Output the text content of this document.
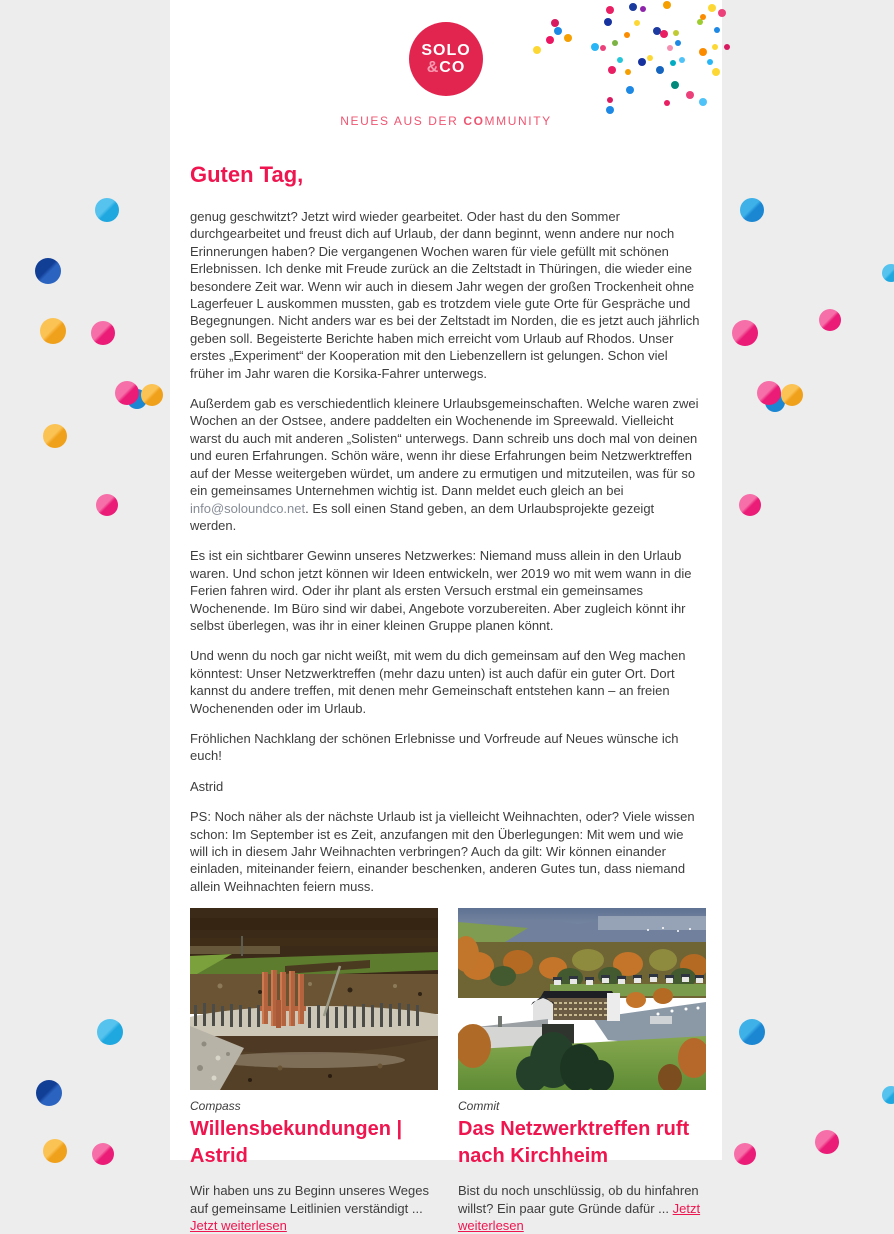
SOLO
&CO
NEUES AUS DER COMMUNITY
Guten Tag,

genug geschwitzt? Jetzt wird wieder gearbeitet. Oder hast du den Sommer durchgearbeitet und freust dich auf Urlaub, der dann beginnt, wenn andere nur noch Erinnerungen haben? Die vergangenen Wochen waren für viele gefüllt mit schönen Erlebnissen. Ich denke mit Freude zurück an die Zeltstadt in Thüringen, die wieder eine besondere Zeit war. Wenn wir auch in diesem Jahr wegen der großen Trockenheit ohne Lagerfeuer L auskommen mussten, gab es trotzdem viele gute Orte für Gespräche und Begegnungen. Nicht anders war es bei der Zeltstadt im Norden, die es jetzt auch jährlich geben soll. Begeisterte Berichte haben mich erreicht vom Urlaub auf Rhodos. Unser erstes „Experiment“ der Kooperation mit den Liebenzellern ist gelungen. Schon viel früher im Jahr waren die Korsika-Fahrer unterwegs.

Außerdem gab es verschiedentlich kleinere Urlaubsgemeinschaften. Welche waren zwei Wochen an der Ostsee, andere paddelten ein Wochenende im Spreewald. Vielleicht warst du auch mit anderen „Solisten“ unterwegs. Dann schreib uns doch mal von deinen und euren Erfahrungen. Schön wäre, wenn ihr diese Erfahrungen beim Netzwerktreffen auf der Messe weitergeben würdet, um andere zu ermutigen und mitzuteilen, was für so ein gemeinsames Unternehmen wichtig ist. Dann meldet euch gleich an bei info@soloundco.net. Es soll einen Stand geben, an dem Urlaubsprojekte gezeigt werden.

Es ist ein sichtbarer Gewinn unseres Netzwerkes: Niemand muss allein in den Urlaub waren. Und schon jetzt können wir Ideen entwickeln, wer 2019 wo mit wem wann in die Ferien fahren wird. Oder ihr plant als ersten Versuch erstmal ein gemeinsames Wochenende. Im Büro sind wir dabei, Angebote vorzubereiten. Aber zugleich könnt ihr selbst überlegen, was ihr in einer kleinen Gruppe planen könnt.

Und wenn du noch gar nicht weißt, mit wem du dich gemeinsam auf den Weg machen könntest: Unser Netzwerktreffen (mehr dazu unten) ist auch dafür ein guter Ort. Dort kannst du andere treffen, mit denen mehr Gemeinschaft entstehen kann – an freien Wochenenden oder im Urlaub.

Fröhlichen Nachklang der schönen Erlebnisse und Vorfreude auf Neues wünsche ich euch!

Astrid

PS: Noch näher als der nächste Urlaub ist ja vielleicht Weihnachten, oder? Viele wissen schon: Im September ist es Zeit, anzufangen mit den Überlegungen: Mit wem und wie will ich in diesem Jahr Weihnachten verbringen? Auch da gilt: Wir können einander einladen, miteinander feiern, einander beschenken, anderen Gutes tun, dass niemand allein Weihnachten feiern muss.

Compass
Willensbekundungen | Astrid
Wir haben uns zu Beginn unseres Weges auf gemeinsame Leitlinien verständigt ... Jetzt weiterlesen
Commit
Das Netzwerktreffen ruft nach Kirchheim
Bist du noch unschlüssig, ob du hinfahren willst? Ein paar gute Gründe dafür ... Jetzt weiterlesen
